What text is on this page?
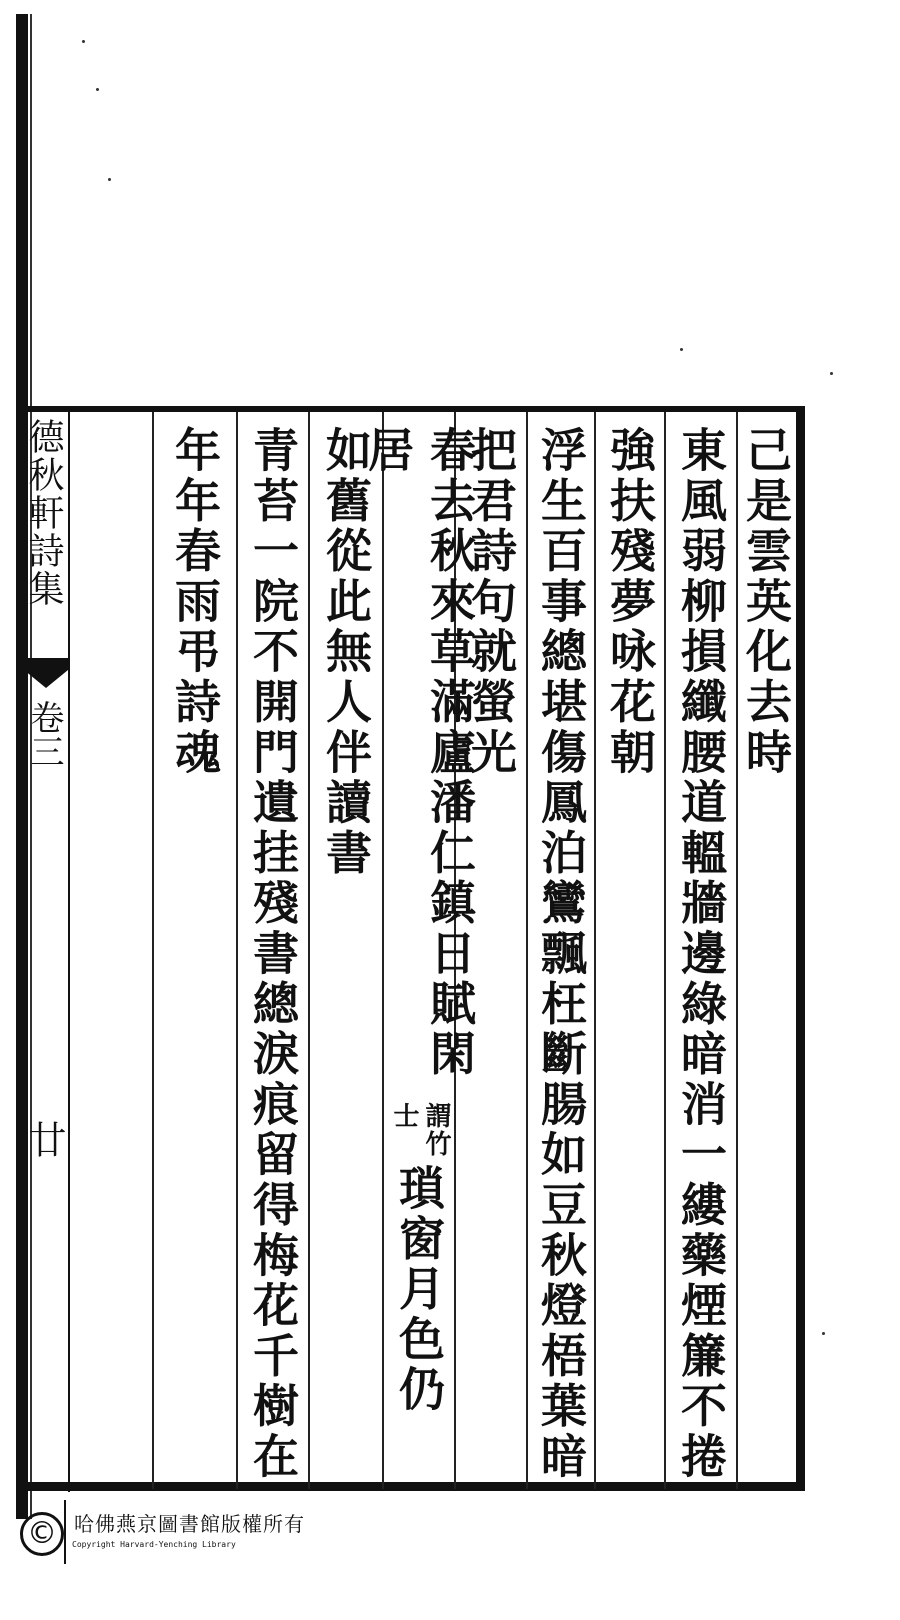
德秋軒詩集
卷三
廿
己是雲英化去時
東風弱柳損纖腰道轀牆邊綠暗消一縷藥煙簾不捲
強扶殘夢咏花朝
浮生百事總堪傷鳳泊鸞飄枉斷腸如豆秋燈梧葉暗
把君詩句就螢光
春去秋來草滿廬潘仁鎮日賦閑居
謂竹
士
瑣窗月色仍
如舊從此無人伴讀書
青苔一院不開門遺挂殘書總淚痕留得梅花千樹在
年年春雨弔詩魂
© 哈佛燕京圖書館版權所有
Copyright Harvard-Yenching Library
